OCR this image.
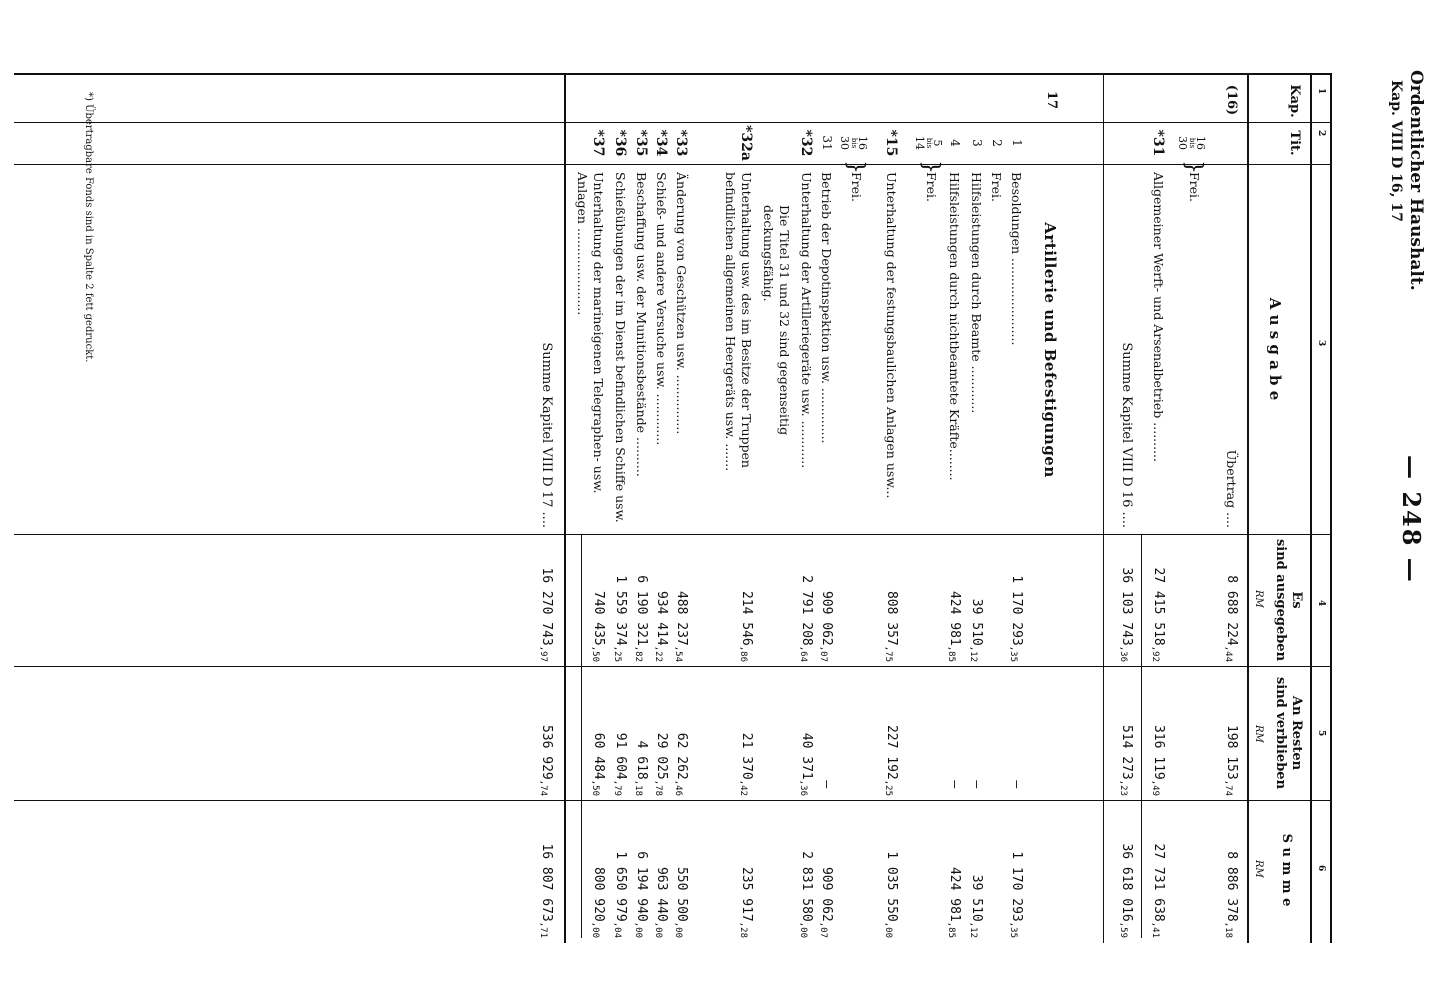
Ordentlicher Haushalt.
Kap. VIII D 16, 17
— 248 —
1
2
3
4
5
6
Kap.
Tit.
A u s g a b e
Es
sind ausgegeben
An Resten
sind verblieben
S u m m e
RM
RM
RM
(16)
Übertrag ....
8 688 $224_{,44}$
198 $153_{,74}$
8 886 $378_{,18}$
16
bis
30
Frei.
*31
Allgemeiner Werft- und Arsenalbetrieb ..........
27 415 $518_{,92}$
316 $119_{,49}$
27 731 $638_{,41}$
Summe Kapitel VIII D 16 ....
36 103 $743_{,36}$
514 $273_{,23}$
36 618 $016_{,59}$
17
Artillerie und Befestigungen
1
Besoldungen ......................
1 170 $293_{,35}$
— 
1 170 $293_{,35}$
2
Frei.
3
Hilfsleistungen durch Beamte ............
39 $510_{,12}$
— 
39 $510_{,12}$
4
Hilfsleistungen durch nichtbeamtete Kräfte........
424 $981_{,85}$
— 
424 $981_{,85}$
5
bis
14
Frei.
*15
Unterhaltung der festungsbaulichen Anlagen usw...
808 $357_{,75}$
227 $192_{,25}$
1 035 $550_{,00}$
16
bis
30
Frei.
31
Betrieb der Depotinspektion usw. ..............
909 $062_{,07}$
— 
909 $062_{,07}$
*32
Unterhaltung der Artilleriegeräte usw. ............
2 791 $208_{,64}$
40 $371_{,36}$
2 831 $580_{,00}$
Die Titel 31 und 32 sind gegenseitig deckungsfähig.
*32a
Unterhaltung usw. des im Besitze der Truppen befindlichen allgemeinen Heergeräts usw. .......
214 $546_{,86}$
21 $370_{,42}$
235 $917_{,28}$
*33
Änderung von Geschützen usw. ...............
488 $237_{,54}$
62 $262_{,46}$
550 $500_{,00}$
*34
Schieß- und andere Versuche usw. .............
934 $414_{,22}$
29 $025_{,78}$
963 $440_{,00}$
*35
Beschaffung usw. der Munitionsbestände ..........
6 190 $321_{,82}$
4 $618_{,18}$
6 194 $940_{,00}$
*36
Schießübungen der im Dienst befindlichen Schiffe usw.
1 559 $374_{,25}$
91 $604_{,79}$
1 650 $979_{,04}$
*37
Unterhaltung der marineigenen Telegraphen- usw. Anlagen ......................
740 $435_{,50}$
60 $484_{,50}$
800 $920_{,00}$
Summe Kapitel VIII D 17 ....
16 270 $743_{,97}$
536 $929_{,74}$
16 807 $673_{,71}$
}
}
}
*) Übertragbare Fonds sind in Spalte 2 fett gedruckt.
